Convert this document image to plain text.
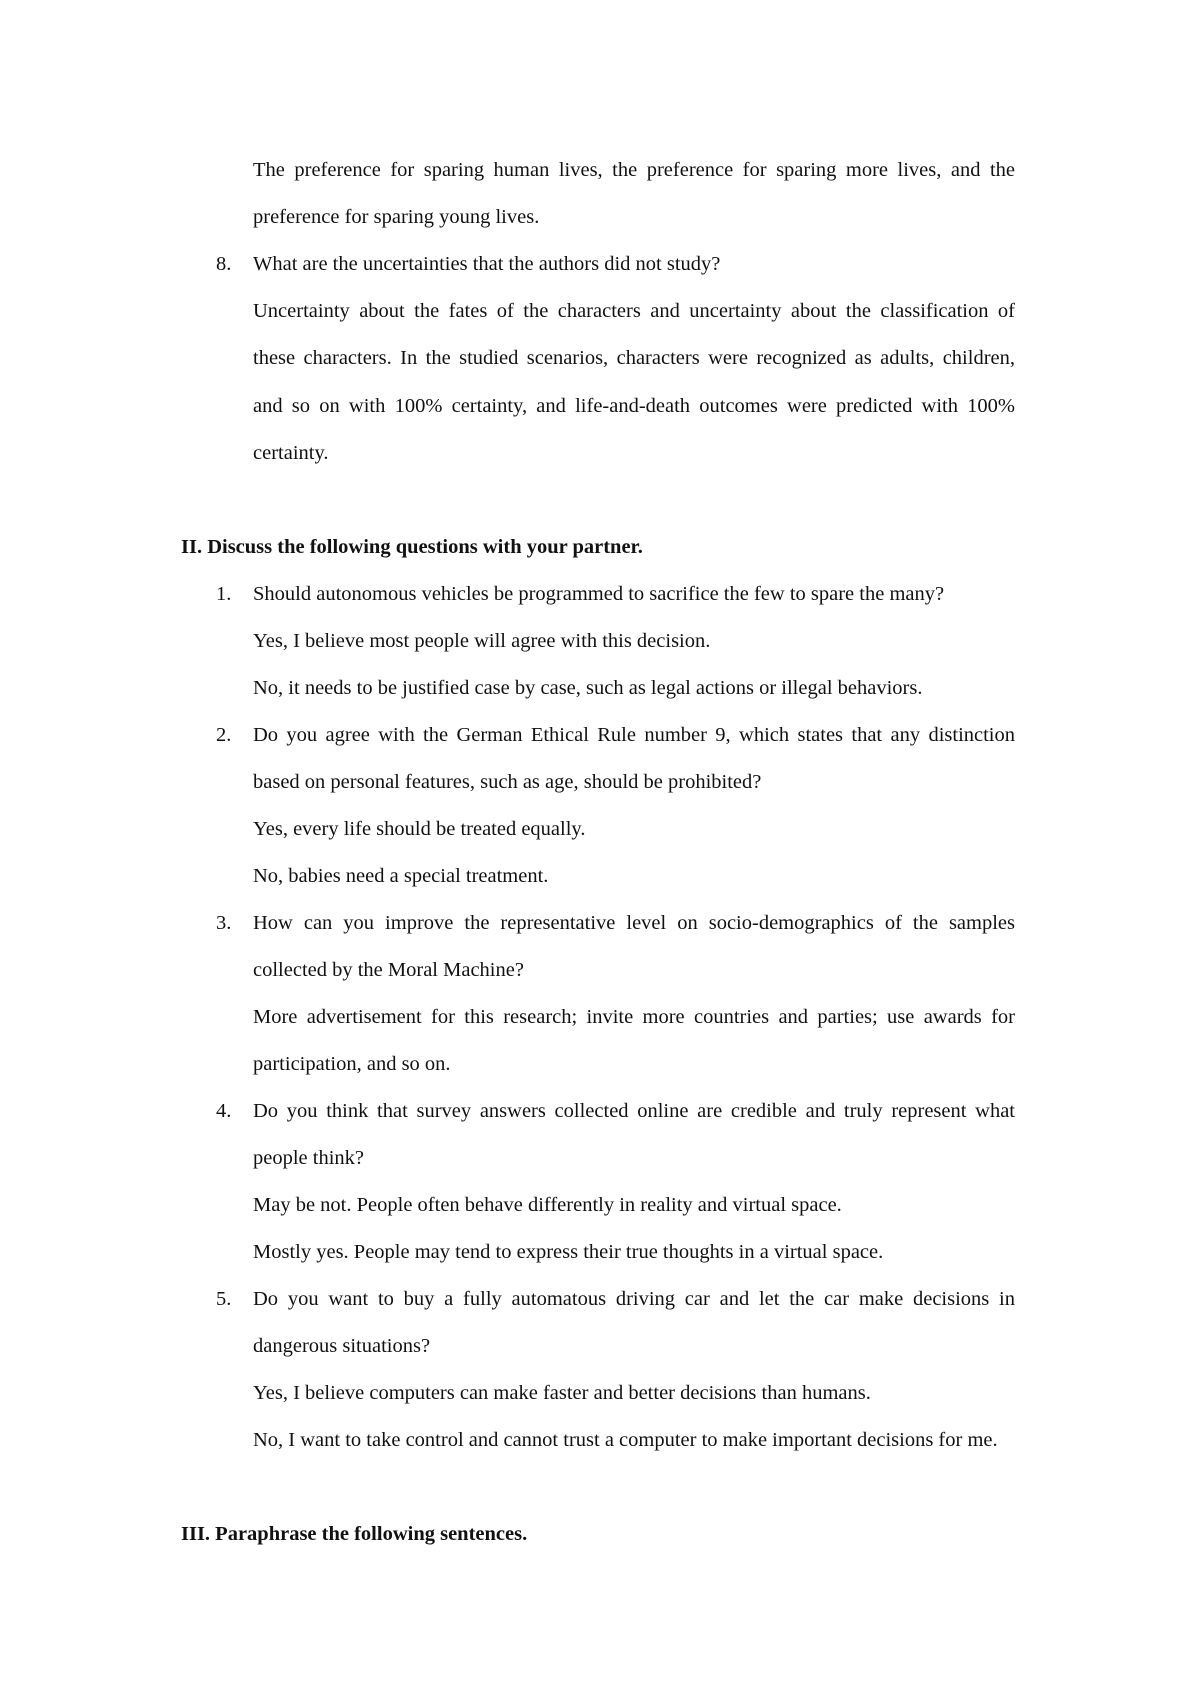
The preference for sparing human lives, the preference for sparing more lives, and the
preference for sparing young lives.
8. What are the uncertainties that the authors did not study?
Uncertainty about the fates of the characters and uncertainty about the classification of
these characters. In the studied scenarios, characters were recognized as adults, children,
and so on with 100% certainty, and life-and-death outcomes were predicted with 100%
certainty.
II. Discuss the following questions with your partner.
1. Should autonomous vehicles be programmed to sacrifice the few to spare the many?
Yes, I believe most people will agree with this decision.
No, it needs to be justified case by case, such as legal actions or illegal behaviors.
2. Do you agree with the German Ethical Rule number 9, which states that any distinction
based on personal features, such as age, should be prohibited?
Yes, every life should be treated equally.
No, babies need a special treatment.
3. How can you improve the representative level on socio-demographics of the samples
collected by the Moral Machine?
More advertisement for this research; invite more countries and parties; use awards for
participation, and so on.
4. Do you think that survey answers collected online are credible and truly represent what
people think?
May be not. People often behave differently in reality and virtual space.
Mostly yes. People may tend to express their true thoughts in a virtual space.
5. Do you want to buy a fully automatous driving car and let the car make decisions in
dangerous situations?
Yes, I believe computers can make faster and better decisions than humans.
No, I want to take control and cannot trust a computer to make important decisions for me.
III. Paraphrase the following sentences.
